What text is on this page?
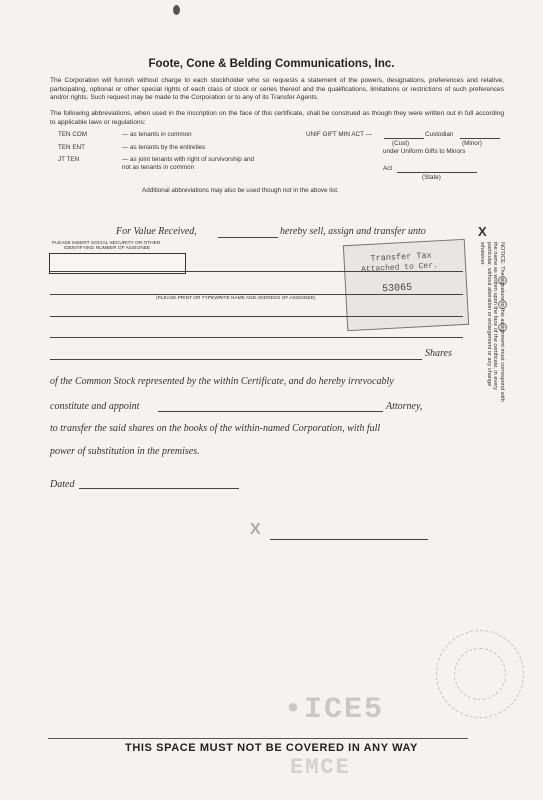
Foote, Cone & Belding Communications, Inc.
The Corporation will furnish without charge to each stockholder who so requests a statement of the powers, designations, preferences and relative, participating, optional or other special rights of each class of stock or series thereof and the qualifications, limitations or restrictions of such preferences and/or rights. Such request may be made to the Corporation or to any of its Transfer Agents.
The following abbreviations, when used in the inscription on the face of this certificate, shall be construed as though they were written out in full according to applicable laws or regulations:
TEN COM	— as tenants in common
TEN ENT	— as tenants by the entireties
JT TEN	— as joint tenants with right of survivorship and not as tenants in common
UNIF GIFT MIN ACT —	Custodian
(Cust)	(Minor)
under Uniform Gifts to Minors
Act
(State)
Additional abbreviations may also be used though not in the above list.
For Value Received,	hereby sell, assign and transfer unto
PLEASE INSERT SOCIAL SECURITY OR OTHER
IDENTIFYING NUMBER OF ASSIGNEE
Transfer Tax
Attached to Cer.
53065
(PLEASE PRINT OR TYPEWRITE NAME AND ADDRESS OF ASSIGNEE)
Shares
of the Common Stock represented by the within Certificate, and do hereby irrevocably
constitute and appoint	Attorney,
to transfer the said shares on the books of the within-named Corporation, with full
power of substitution in the premises.
Dated
X
X
NOTICE: The signature to this assignment must correspond with the name as written upon the face of the certificate, in every particular, without alteration or enlargement or any change whatever.
•ICE5
EMCE
THIS SPACE MUST NOT BE COVERED IN ANY WAY
